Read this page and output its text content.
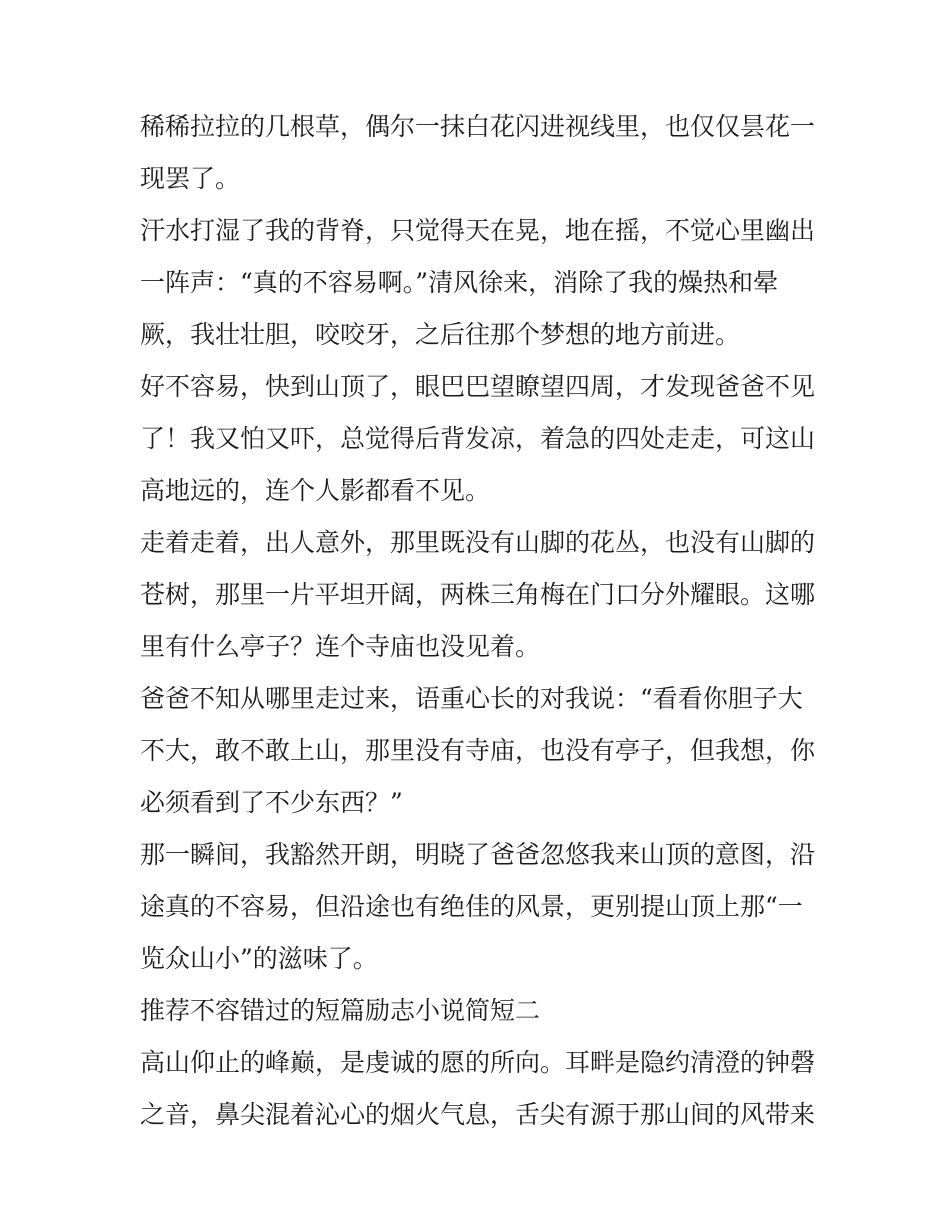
稀稀拉拉的几根草，偶尔一抹白花闪进视线里，也仅仅昙花一
现罢了。
汗水打湿了我的背脊，只觉得天在晃，地在摇，不觉心里幽出
一阵声：“真的不容易啊。”清风徐来，消除了我的燥热和晕
厥，我壮壮胆，咬咬牙，之后往那个梦想的地方前进。
好不容易，快到山顶了，眼巴巴望瞭望四周，才发现爸爸不见
了！我又怕又吓，总觉得后背发凉，着急的四处走走，可这山
高地远的，连个人影都看不见。
走着走着，出人意外，那里既没有山脚的花丛，也没有山脚的
苍树，那里一片平坦开阔，两株三角梅在门口分外耀眼。这哪
里有什么亭子？连个寺庙也没见着。
爸爸不知从哪里走过来，语重心长的对我说：“看看你胆子大
不大，敢不敢上山，那里没有寺庙，也没有亭子，但我想，你
必须看到了不少东西？”
那一瞬间，我豁然开朗，明晓了爸爸忽悠我来山顶的意图，沿
途真的不容易，但沿途也有绝佳的风景，更别提山顶上那“一
览众山小”的滋味了。
推荐不容错过的短篇励志小说简短二
高山仰止的峰巅，是虔诚的愿的所向。耳畔是隐约清澄的钟磬
之音，鼻尖混着沁心的烟火气息，舌尖有源于那山间的风带来
